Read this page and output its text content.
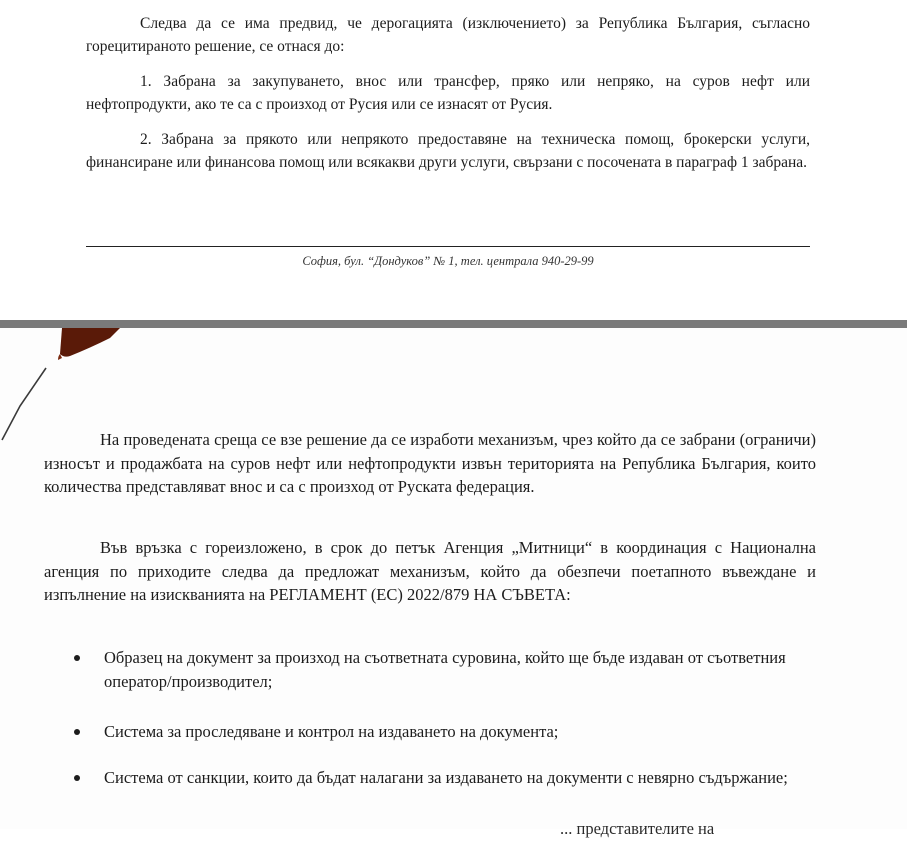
Следва да се има предвид, че дерогацията (изключението) за Република България, съгласно горецитираното решение, се отнася до:

1. Забрана за закупуването, внос или трансфер, пряко или непряко, на суров нефт или нефтопродукти, ако те са с произход от Русия или се изнасят от Русия.

2. Забрана за прякото или непрякото предоставяне на техническа помощ, брокерски услуги, финансиране или финансова помощ или всякакви други услуги, свързани с посочената в параграф 1 забрана.

София, бул. “Дондуков” № 1, тел. централа 940-29-99

На проведената среща се взе решение да се изработи механизъм, чрез който да се забрани (ограничи) износът и продажбата на суров нефт или нефтопродукти извън територията на Република България, които количества представляват внос и са с произход от Руската федерация.

Във връзка с гореизложено, в срок до петък Агенция „Митници“ в координация с Национална агенция по приходите следва да предложат механизъм, който да обезпечи поетапното въвеждане и изпълнение на изискванията на РЕГЛАМЕНТ (ЕС) 2022/879 НА СЪВЕТА:

Образец на документ за произход на съответната суровина, който ще бъде издаван от съответния оператор/производител;
Система за проследяване и контрол на издаването на документа;
Система от санкции, които да бъдат налагани за издаването на документи с невярно съдържание;
... представителите на
